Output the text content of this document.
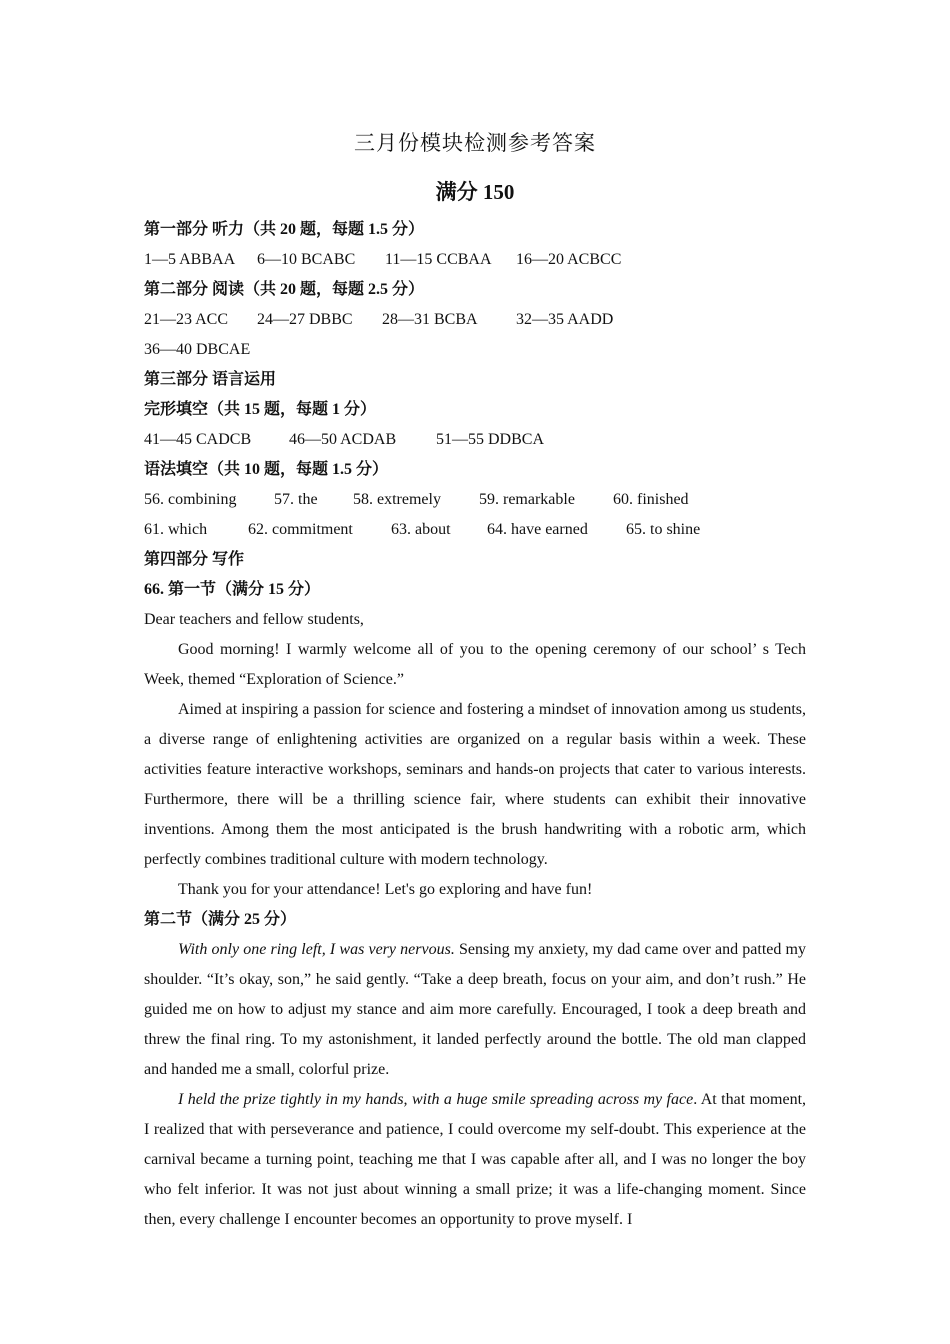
三月份模块检测参考答案
满分 150
第一部分 听力（共 20 题，每题 1.5 分）
1—5 ABBAA 6—10 BCABC 11—15 CCBAA 16—20 ACBCC
第二部分 阅读（共 20 题，每题 2.5 分）
21—23 ACC 24—27 DBBC 28—31 BCBA 32—35 AADD
36—40 DBCAE
第三部分 语言运用
完形填空（共 15 题，每题 1 分）
41—45 CADCB 46—50 ACDAB 51—55 DDBCA
语法填空（共 10 题，每题 1.5 分）
56. combining 57. the 58. extremely 59. remarkable 60. finished
61. which	62. commitment 63. about 64. have earned 65. to shine
第四部分 写作
66. 第一节（满分 15 分）
Dear teachers and fellow students,
Good morning! I warmly welcome all of you to the opening ceremony of our school’ s Tech Week, themed “Exploration of Science.”
Aimed at inspiring a passion for science and fostering a mindset of innovation among us students, a diverse range of enlightening activities are organized on a regular basis within a week. These activities feature interactive workshops, seminars and hands-on projects that cater to various interests. Furthermore, there will be a thrilling science fair, where students can exhibit their innovative inventions. Among them the most anticipated is the brush handwriting with a robotic arm, which perfectly combines traditional culture with modern technology.
Thank you for your attendance! Let's go exploring and have fun!
第二节（满分 25 分）
With only one ring left, I was very nervous. Sensing my anxiety, my dad came over and patted my shoulder. “It’s okay, son,” he said gently. “Take a deep breath, focus on your aim, and don’t rush.” He guided me on how to adjust my stance and aim more carefully. Encouraged, I took a deep breath and threw the final ring. To my astonishment, it landed perfectly around the bottle. The old man clapped and handed me a small, colorful prize.
I held the prize tightly in my hands, with a huge smile spreading across my face. At that moment, I realized that with perseverance and patience, I could overcome my self-doubt. This experience at the carnival became a turning point, teaching me that I was capable after all, and I was no longer the boy who felt inferior. It was not just about winning a small prize; it was a life-changing moment. Since then, every challenge I encounter becomes an opportunity to prove myself. I
